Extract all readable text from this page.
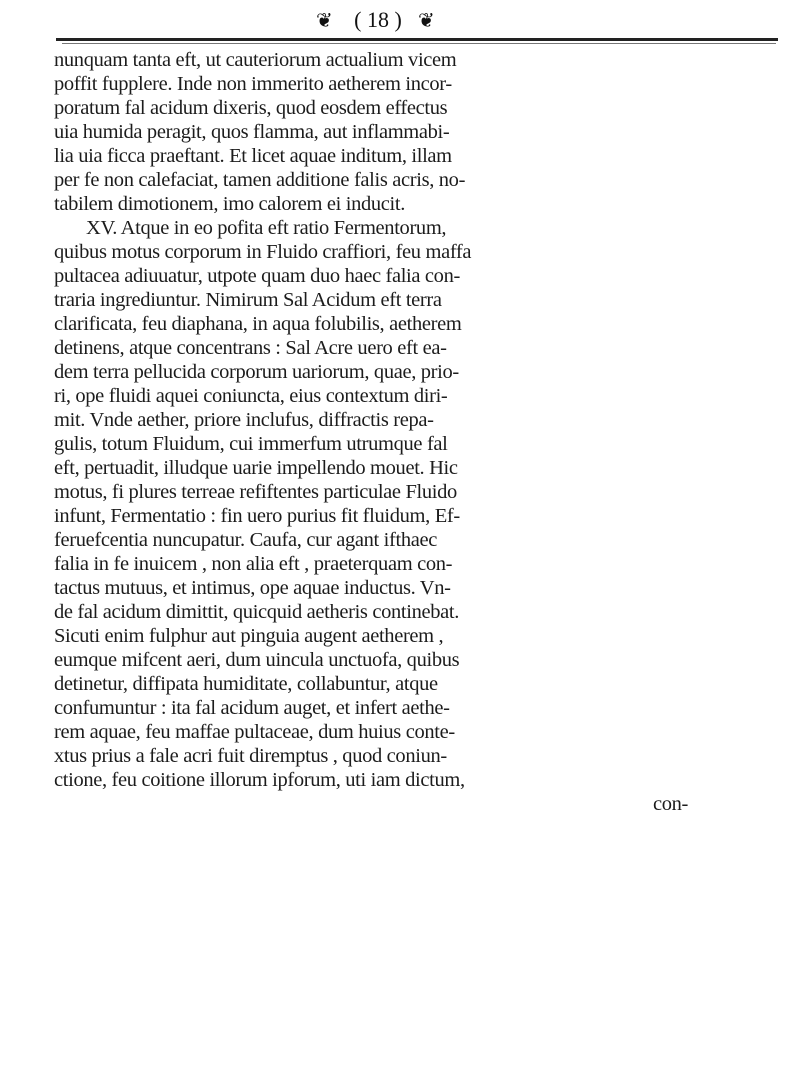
❦ ( 18 ) ❦
nunquam tanta eft, ut cauteriorum actualium vicem
poffit fupplere. Inde non immerito aetherem incor-
poratum fal acidum dixeris, quod eosdem effectus
uia humida peragit, quos flamma, aut inflammabi-
lia uia ficca praeftant. Et licet aquae inditum, illam
per fe non calefaciat, tamen additione falis acris, no-
tabilem dimotionem, imo calorem ei inducit.
XV. Atque in eo pofita eft ratio Fermentorum,
quibus motus corporum in Fluido craffiori, feu maffa
pultacea adiuuatur, utpote quam duo haec falia con-
traria ingrediuntur. Nimirum Sal Acidum eft terra
clarificata, feu diaphana, in aqua folubilis, aetherem
detinens, atque concentrans : Sal Acre uero eft ea-
dem terra pellucida corporum uariorum, quae, prio-
ri, ope fluidi aquei coniuncta, eius contextum diri-
mit. Vnde aether, priore inclufus, diffractis repa-
gulis, totum Fluidum, cui immerfum utrumque fal
eft, pertuadit, illudque uarie impellendo mouet. Hic
motus, fi plures terreae refiftentes particulae Fluido
infunt, Fermentatio : fin uero purius fit fluidum, Ef-
feruefcentia nuncupatur. Caufa, cur agant ifthaec
falia in fe inuicem , non alia eft , praeterquam con-
tactus mutuus, et intimus, ope aquae inductus. Vn-
de fal acidum dimittit, quicquid aetheris continebat.
Sicuti enim fulphur aut pinguia augent aetherem ,
eumque mifcent aeri, dum uincula unctuofa, quibus
detinetur, diffipata humiditate, collabuntur, atque
confumuntur : ita fal acidum auget, et infert aethe-
rem aquae, feu maffae pultaceae, dum huius conte-
xtus prius a fale acri fuit diremptus , quod coniun-
ctione, feu coitione illorum ipforum, uti iam dictum,
con-
